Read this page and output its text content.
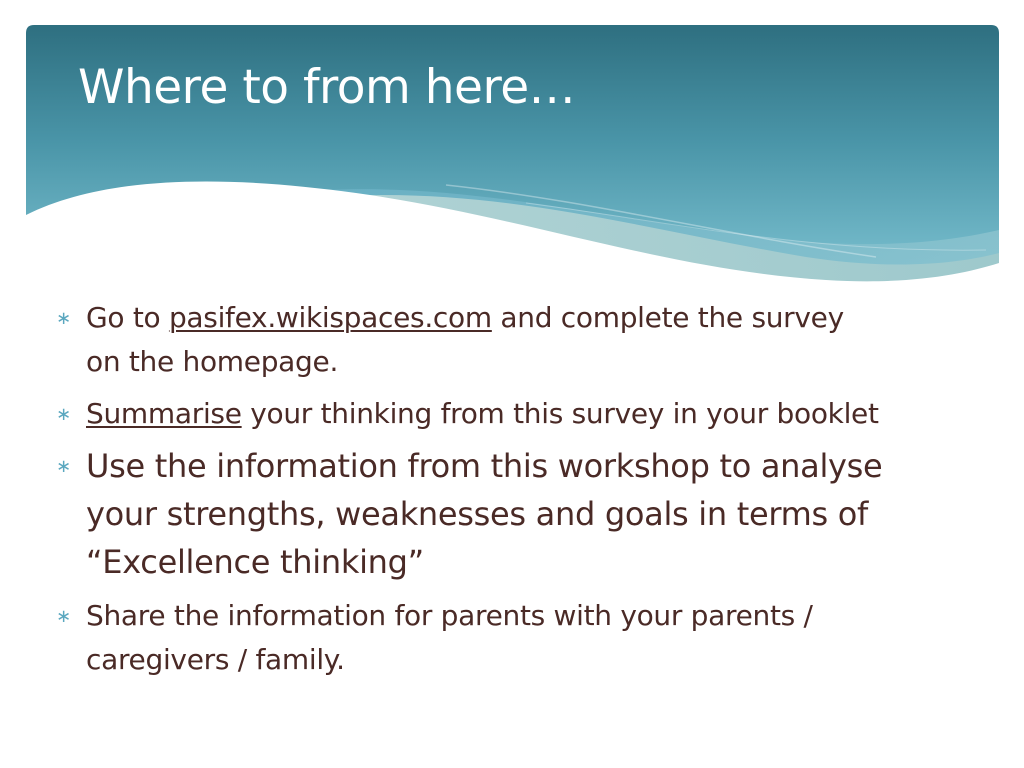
Where to from here…
∗ Go to pasifex.wikispaces.com and complete the survey
on the homepage.
∗ Summarise your thinking from this survey in your booklet
∗ Use the information from this workshop to analyse
your strengths, weaknesses and goals in terms of
“Excellence thinking”
∗ Share the information for parents with your parents /
caregivers / family.
